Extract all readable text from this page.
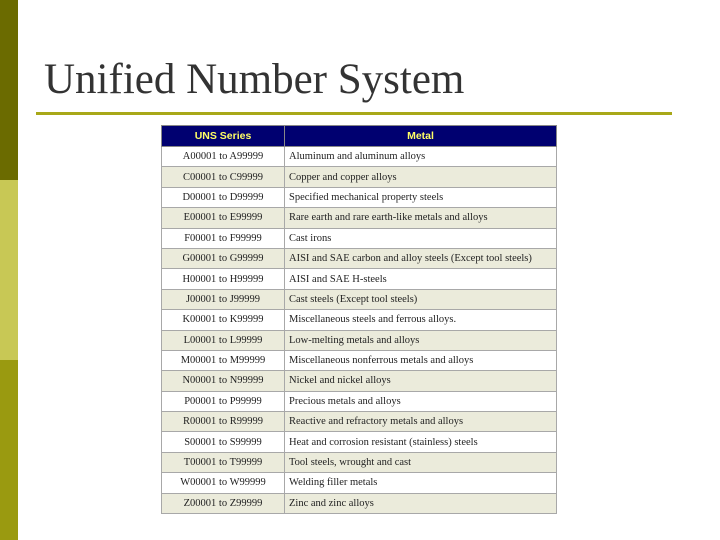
Unified Number System
UNS Series	Metal
A00001 to A99999	Aluminum and aluminum alloys
C00001 to C99999	Copper and copper alloys
D00001 to D99999	Specified mechanical property steels
E00001 to E99999	Rare earth and rare earth-like metals and alloys
F00001 to F99999	Cast irons
G00001 to G99999	AISI and SAE carbon and alloy steels (Except tool steels)
H00001 to H99999	AISI and SAE H-steels
J00001 to J99999	Cast steels (Except tool steels)
K00001 to K99999	Miscellaneous steels and ferrous alloys.
L00001 to L99999	Low-melting metals and alloys
M00001 to M99999	Miscellaneous nonferrous metals and alloys
N00001 to N99999	Nickel and nickel alloys
P00001 to P99999	Precious metals and alloys
R00001 to R99999	Reactive and refractory metals and alloys
S00001 to S99999	Heat and corrosion resistant (stainless) steels
T00001 to T99999	Tool steels, wrought and cast
W00001 to W99999	Welding filler metals
Z00001 to Z99999	Zinc and zinc alloys
